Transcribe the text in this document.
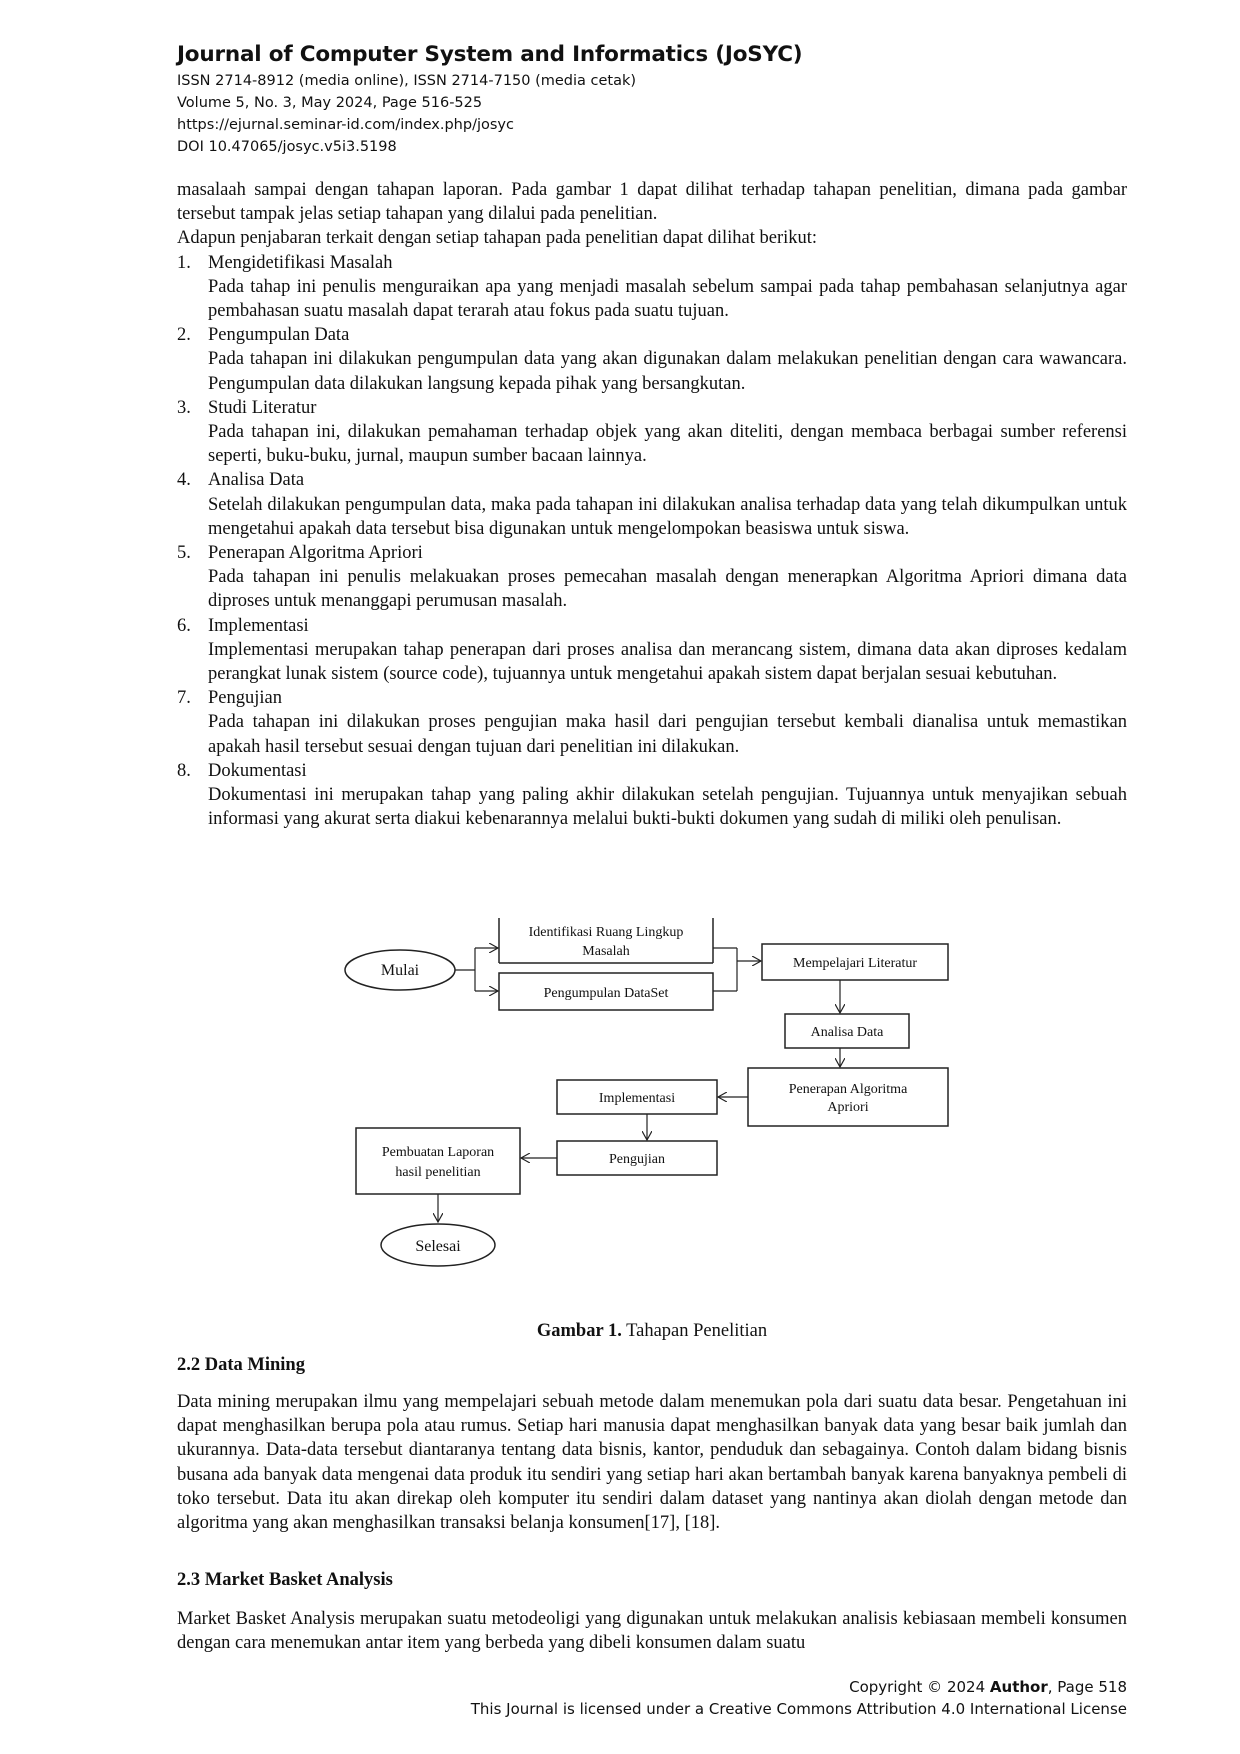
Journal of Computer System and Informatics (JoSYC)
ISSN 2714-8912 (media online), ISSN 2714-7150 (media cetak)
Volume 5, No. 3, May 2024, Page 516-525
https://ejurnal.seminar-id.com/index.php/josyc
DOI 10.47065/josyc.v5i3.5198

masalaah sampai dengan tahapan laporan. Pada gambar 1 dapat dilihat terhadap tahapan penelitian, dimana pada gambar tersebut tampak jelas setiap tahapan yang dilalui pada penelitian.

Adapun penjabaran terkait dengan setiap tahapan pada penelitian dapat dilihat berikut:

1. Mengidetifikasi Masalah
Pada tahap ini penulis menguraikan apa yang menjadi masalah sebelum sampai pada tahap pembahasan selanjutnya agar pembahasan suatu masalah dapat terarah atau fokus pada suatu tujuan.
2. Pengumpulan Data
Pada tahapan ini dilakukan pengumpulan data yang akan digunakan dalam melakukan penelitian dengan cara wawancara. Pengumpulan data dilakukan langsung kepada pihak yang bersangkutan.
3. Studi Literatur
Pada tahapan ini, dilakukan pemahaman terhadap objek yang akan diteliti, dengan membaca berbagai sumber referensi seperti, buku-buku, jurnal, maupun sumber bacaan lainnya.
4. Analisa Data
Setelah dilakukan pengumpulan data, maka pada tahapan ini dilakukan analisa terhadap data yang telah dikumpulkan untuk mengetahui apakah data tersebut bisa digunakan untuk mengelompokan beasiswa untuk siswa.
5. Penerapan Algoritma Apriori
Pada tahapan ini penulis melakuakan proses pemecahan masalah dengan menerapkan Algoritma Apriori dimana data diproses untuk menanggapi perumusan masalah.
6. Implementasi
Implementasi merupakan tahap penerapan dari proses analisa dan merancang sistem, dimana data akan diproses kedalam perangkat lunak sistem (source code), tujuannya untuk mengetahui apakah sistem dapat berjalan sesuai kebutuhan.
7. Pengujian
Pada tahapan ini dilakukan proses pengujian maka hasil dari pengujian tersebut kembali dianalisa untuk memastikan apakah hasil tersebut sesuai dengan tujuan dari penelitian ini dilakukan.
8. Dokumentasi
Dokumentasi ini merupakan tahap yang paling akhir dilakukan setelah pengujian. Tujuannya untuk menyajikan sebuah informasi yang akurat serta diakui kebenarannya melalui bukti-bukti dokumen yang sudah di miliki oleh penulisan.
Mulai
Identifikasi Ruang Lingkup
Masalah
Pengumpulan DataSet
Mempelajari Literatur
Analisa Data
Penerapan Algoritma
Apriori
Implementasi
Pengujian
Pembuatan Laporan
hasil penelitian
Selesai
Gambar 1. Tahapan Penelitian
2.2 Data Mining

Data mining merupakan ilmu yang mempelajari sebuah metode dalam menemukan pola dari suatu data besar. Pengetahuan ini dapat menghasilkan berupa pola atau rumus. Setiap hari manusia dapat menghasilkan banyak data yang besar baik jumlah dan ukurannya. Data-data tersebut diantaranya tentang data bisnis, kantor, penduduk dan sebagainya. Contoh dalam bidang bisnis busana ada banyak data mengenai data produk itu sendiri yang setiap hari akan bertambah banyak karena banyaknya pembeli di toko tersebut. Data itu akan direkap oleh komputer itu sendiri dalam dataset yang nantinya akan diolah dengan metode dan algoritma yang akan menghasilkan transaksi belanja konsumen[17], [18].

2.3 Market Basket Analysis

Market Basket Analysis merupakan suatu metodeoligi yang digunakan untuk melakukan analisis kebiasaan membeli konsumen dengan cara menemukan antar item yang berbeda yang dibeli konsumen dalam suatu

Copyright © 2024 Author, Page 518
This Journal is licensed under a Creative Commons Attribution 4.0 International License
